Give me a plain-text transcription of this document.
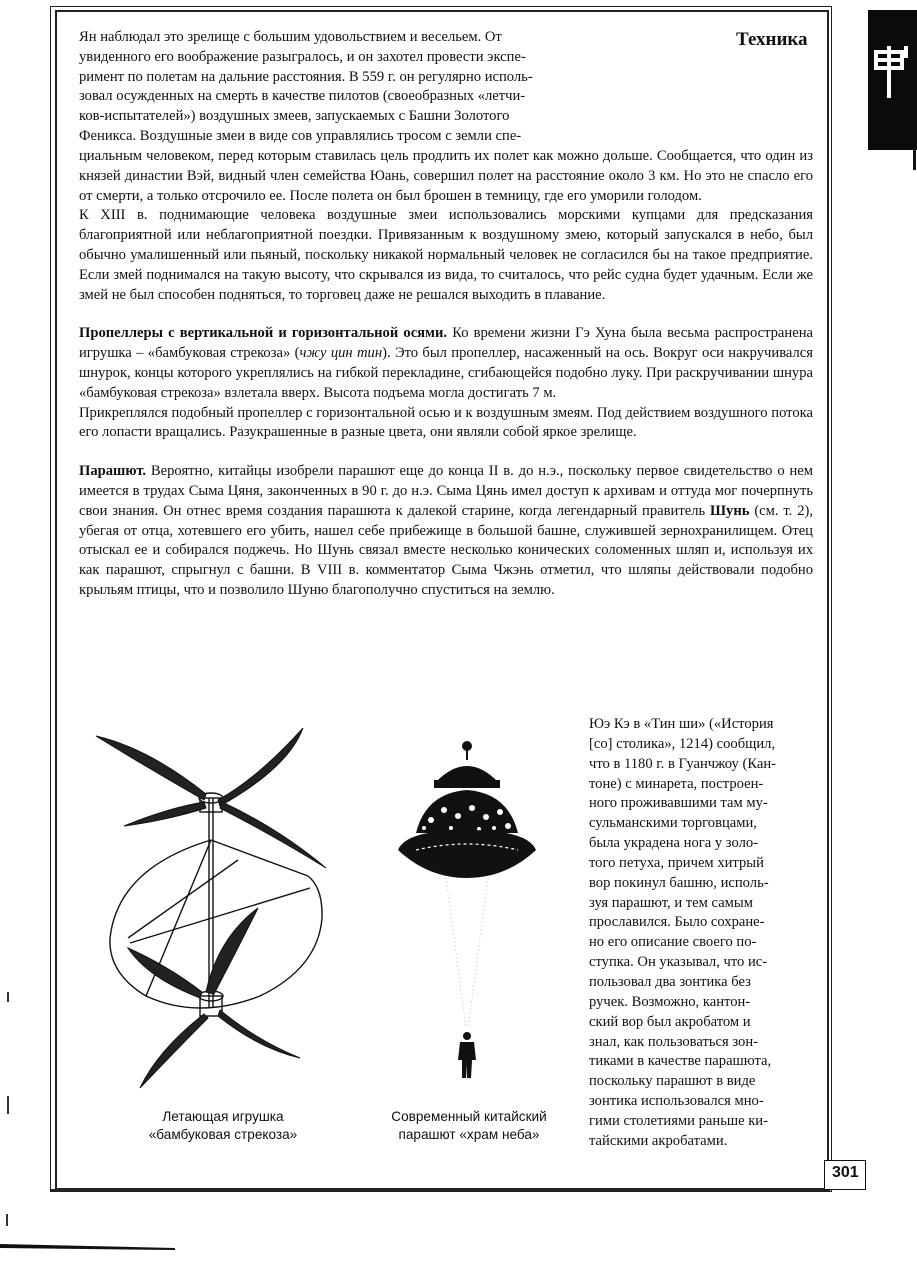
Техника

Ян наблюдал это зрелище с большим удовольствием и весельем. От

увиденного его воображение разыгралось, и он захотел провести экспе-

римент по полетам на дальние расстояния. В 559 г. он регулярно исполь-

зовал осужденных на смерть в качестве пилотов (своеобразных «летчи-

ков-испытателей») воздушных змеев, запускаемых с Башни Золотого

Феникса. Воздушные змеи в виде сов управлялись тросом с земли спе-

циальным человеком, перед которым ставилась цель продлить их полет как можно дольше. Сообщается, что один из князей династии Вэй, видный член семейства Юань, совершил полет на расстояние около 3 км. Но это не спасло его от смерти, а только отсрочило ее. После полета он был брошен в темницу, где его уморили голодом.

К XIII в. поднимающие человека воздушные змеи использовались морскими купцами для предсказания благоприятной или неблагоприятной поездки. Привязанным к воздушному змею, который запускался в небо, был обычно умалишенный или пьяный, поскольку никакой нормальный человек не согласился бы на такое предприятие. Если змей поднимался на такую высоту, что скрывался из вида, то считалось, что рейс судна будет удачным. Если же змей не был способен подняться, то торговец даже не решался выходить в плавание.

Пропеллеры с вертикальной и горизонтальной осями. Ко времени жизни Гэ Хуна была весьма распространена игрушка – «бамбуковая стрекоза» (чжу цин тин). Это был пропеллер, насаженный на ось. Вокруг оси накручивался шнурок, концы которого укреплялись на гибкой перекладине, сгибающейся подобно луку. При раскручивании шнура «бамбуковая стрекоза» взлетала вверх. Высота подъема могла достигать 7 м.

Прикреплялся подобный пропеллер с горизонтальной осью и к воздушным змеям. Под действием воздушного потока его лопасти вращались. Разукрашенные в разные цвета, они являли собой яркое зрелище.

Парашют. Вероятно, китайцы изобрели парашют еще до конца II в. до н.э., поскольку первое свидетельство о нем имеется в трудах Сыма Цяня, законченных в 90 г. до н.э. Сыма Цянь имел доступ к архивам и оттуда мог почерпнуть свои знания. Он отнес время создания парашюта к далекой старине, когда легендарный правитель Шунь (см. т. 2), убегая от отца, хотевшего его убить, нашел себе прибежище в большой башне, служившей зернохранилищем. Отец отыскал ее и собирался поджечь. Но Шунь связал вместе несколько конических соломенных шляп и, используя их как парашют, спрыгнул с башни. В VIII в. комментатор Сыма Чжэнь отметил, что шляпы действовали подобно крыльям птицы, что и позволило Шуню благополучно спуститься на землю.

Юэ Кэ в «Тин ши» («История

[со] столика», 1214) сообщил,

что в 1180 г. в Гуанчжоу (Кан-

тоне) с минарета, построен-

ного проживавшими там му-

сульманскими торговцами,

была украдена нога у золо-

того петуха, причем хитрый

вор покинул башню, исполь-

зуя парашют, и тем самым

прославился. Было сохране-

но его описание своего по-

ступка. Он указывал, что ис-

пользовал два зонтика без

ручек. Возможно, кантон-

ский вор был акробатом и

знал, как пользоваться зон-

тиками в качестве парашюта,

поскольку парашют в виде

зонтика использовался мно-

гими столетиями раньше ки-

тайскими акробатами.

Летающая игрушка
«бамбуковая стрекоза»
Современный китайский
парашют «храм неба»
301
